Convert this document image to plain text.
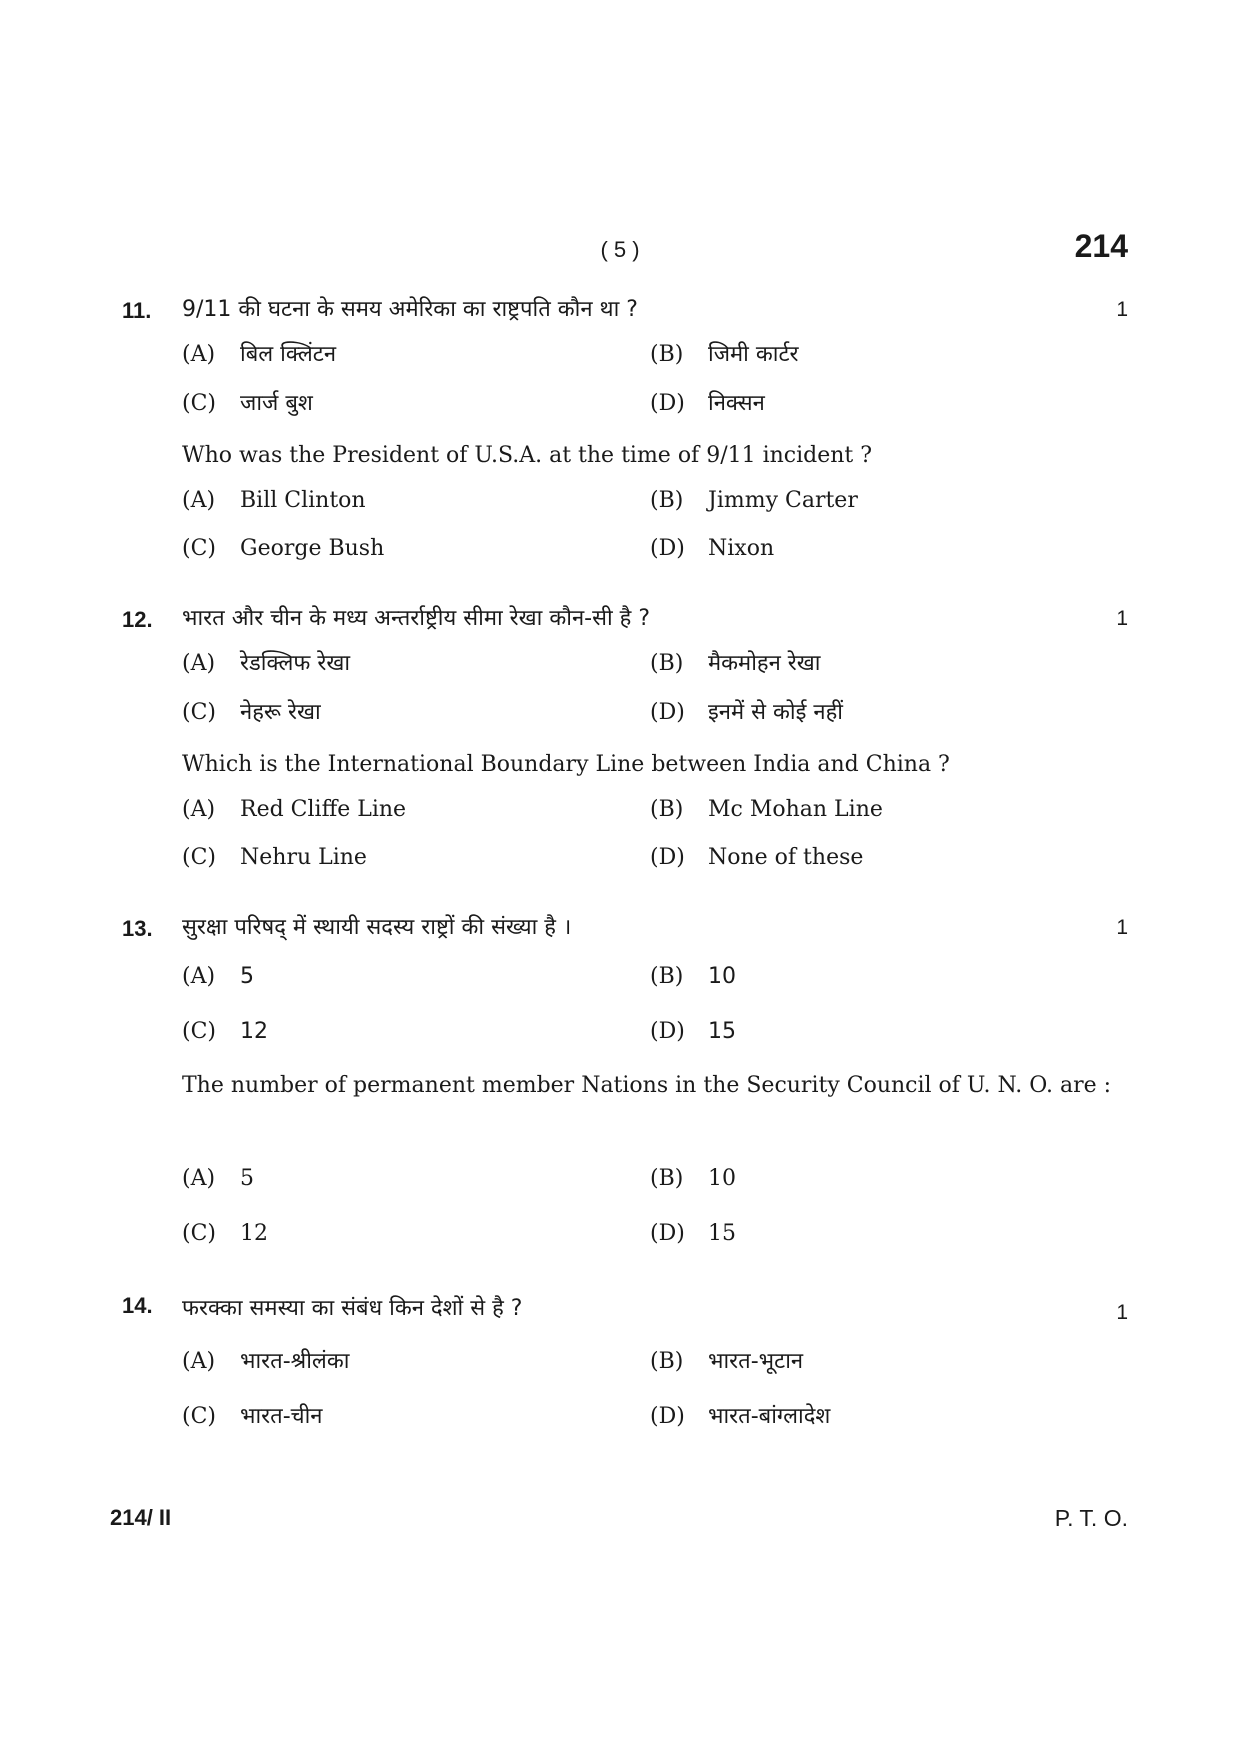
( 5 )	214
11.	1
9/11 की घटना के समय अमेरिका का राष्ट्रपति कौन था ?
(A) बिल क्लिंटन	(B) जिमी कार्टर
(C) जार्ज बुश	(D) निक्सन
Who was the President of U.S.A. at the time of 9/11 incident ?
(A) Bill Clinton	(B) Jimmy Carter
(C) George Bush	(D) Nixon
12.	1
भारत और चीन के मध्य अन्तर्राष्ट्रीय सीमा रेखा कौन-सी है ?
(A) रेडक्लिफ रेखा	(B) मैकमोहन रेखा
(C) नेहरू रेखा	(D) इनमें से कोई नहीं
Which is the International Boundary Line between India and China ?
(A) Red Cliffe Line	(B) Mc Mohan Line
(C) Nehru Line	(D) None of these
13.	1
सुरक्षा परिषद् में स्थायी सदस्य राष्ट्रों की संख्या है ।
(A) 5	(B) 10
(C) 12	(D) 15
The number of permanent member Nations in the Security Council of U. N. O. are :
(A) 5	(B) 10
(C) 12	(D) 15
14.	1
फरक्का समस्या का संबंध किन देशों से है ?
(A) भारत-श्रीलंका	(B) भारत-भूटान
(C) भारत-चीन	(D) भारत-बांग्लादेश
214/ II	P. T. O.
